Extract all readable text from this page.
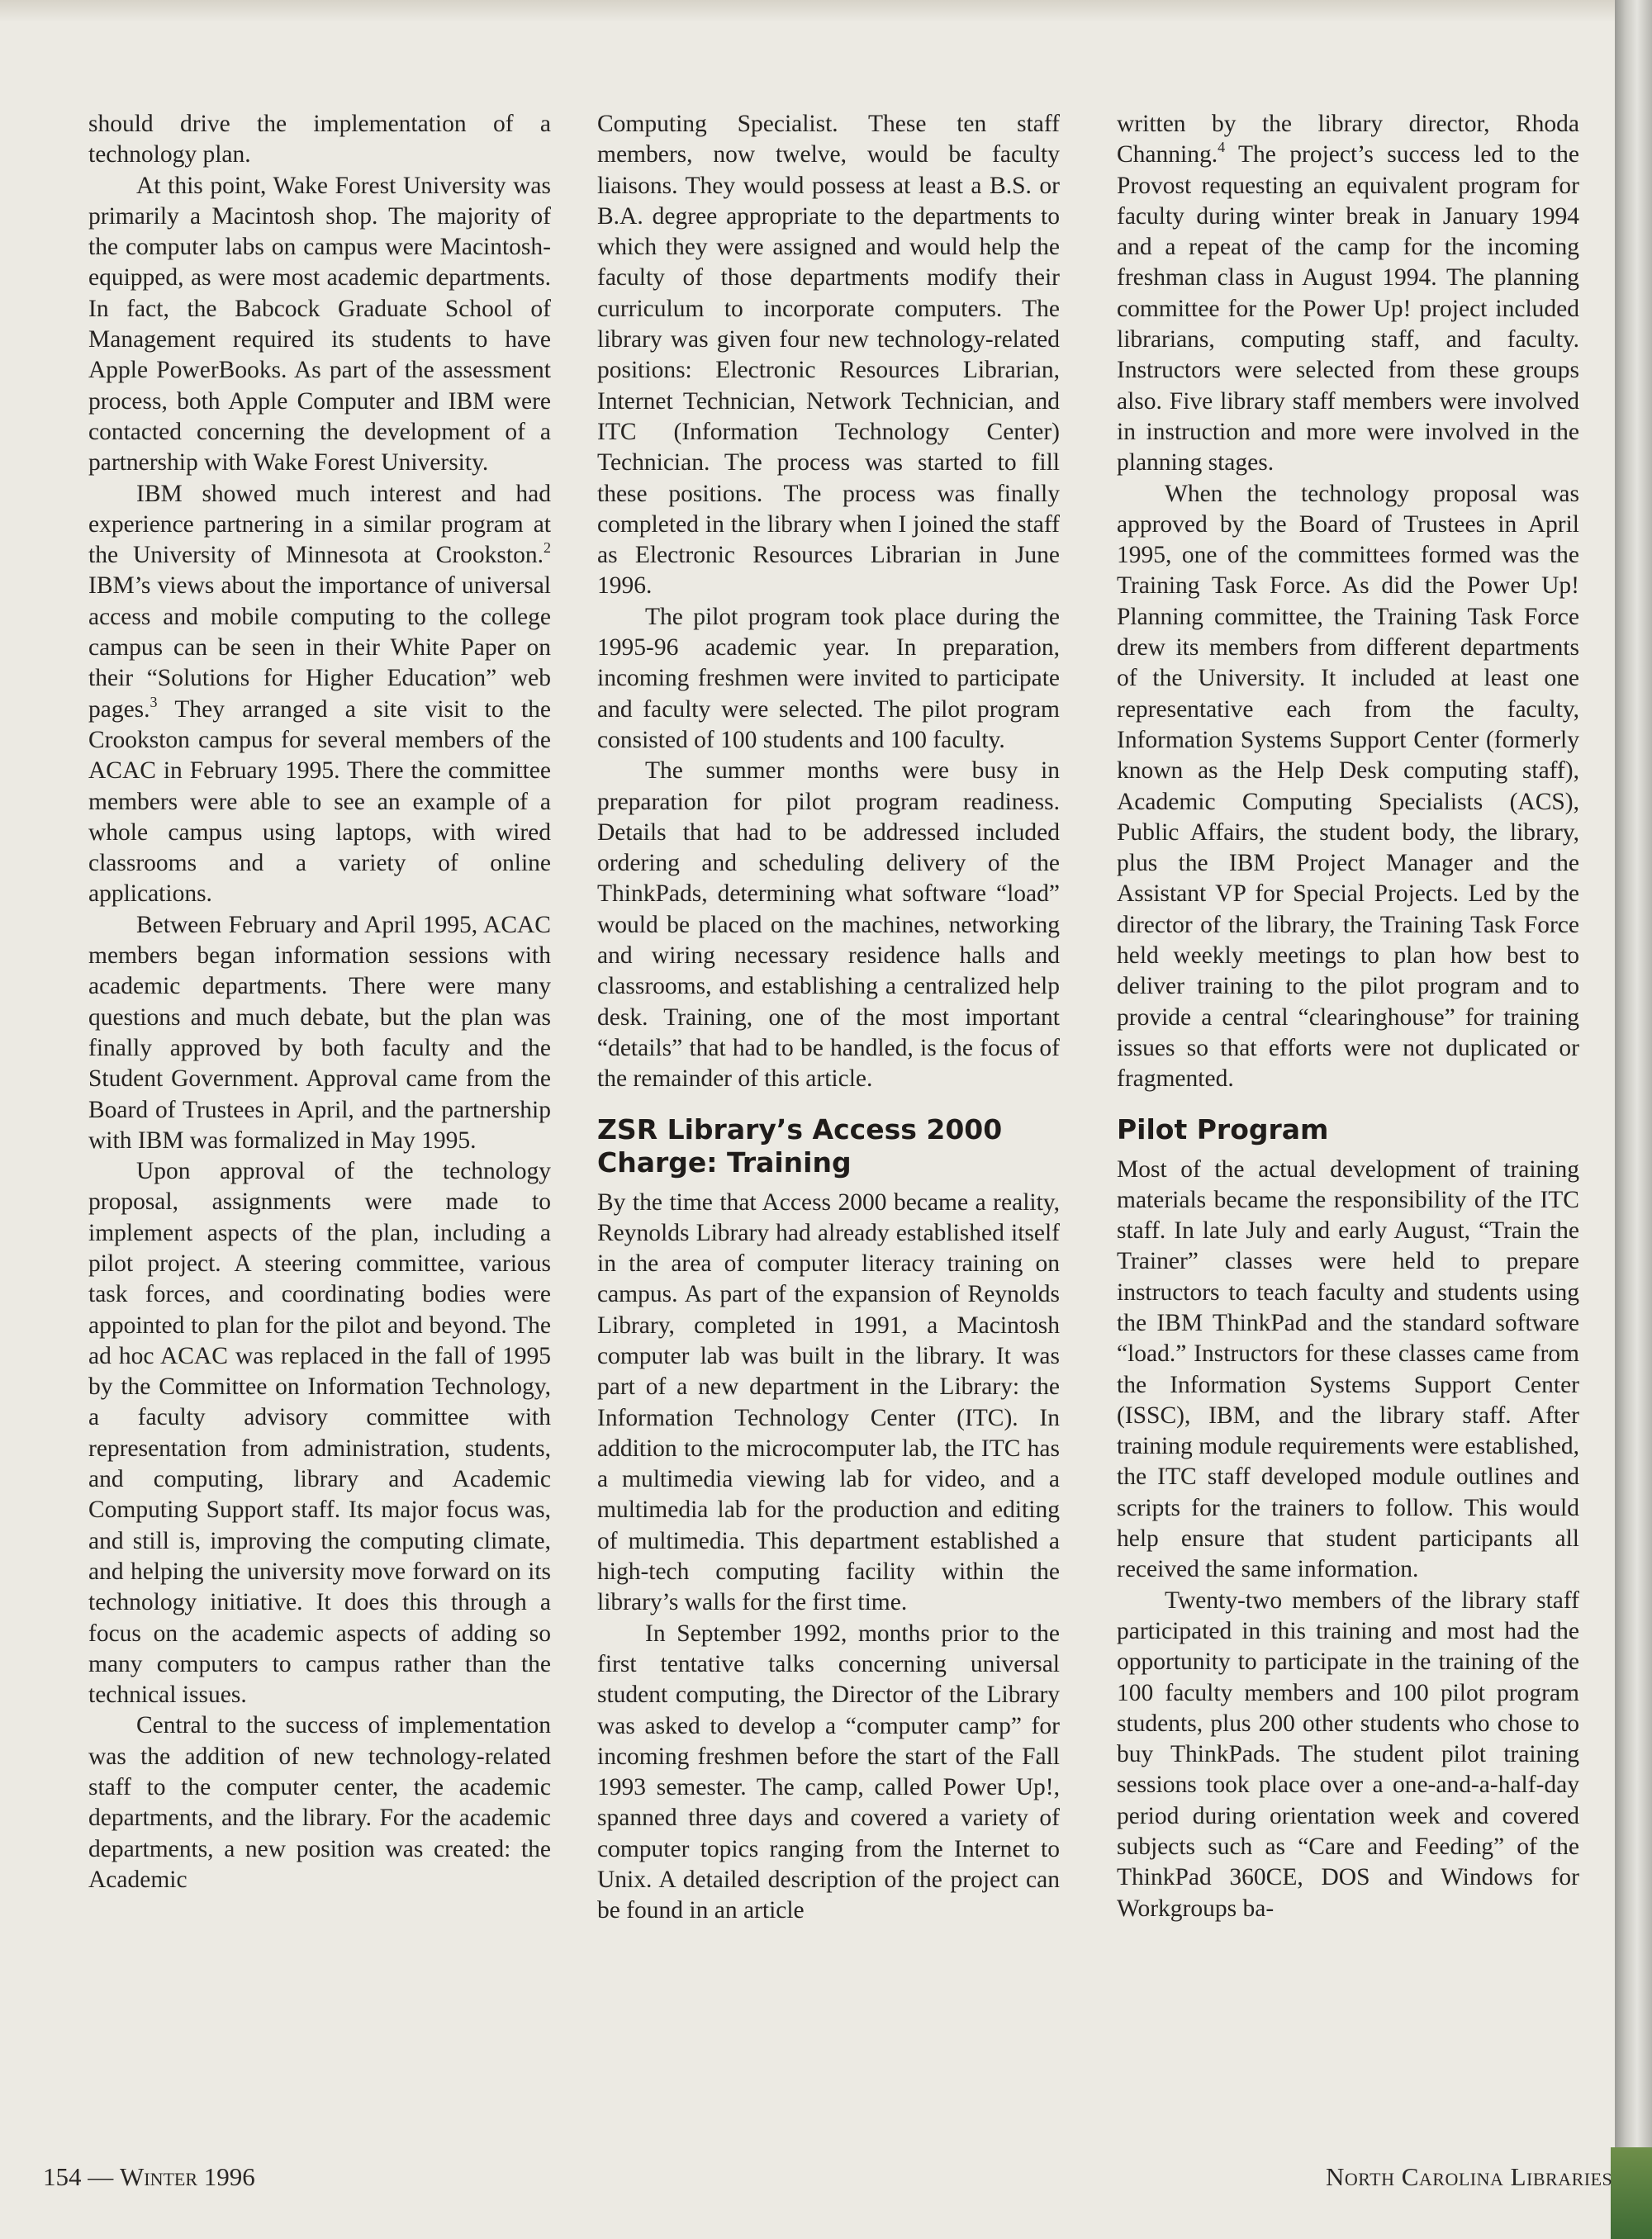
should drive the implementation of a technology plan.

At this point, Wake Forest University was primarily a Macintosh shop. The majority of the computer labs on campus were Macintosh-equipped, as were most academic departments. In fact, the Babcock Graduate School of Management required its students to have Apple PowerBooks. As part of the assessment process, both Apple Computer and IBM were contacted concerning the development of a partnership with Wake Forest University.

IBM showed much interest and had experience partnering in a similar program at the University of Minnesota at Crookston.$^2$ IBM’s views about the importance of universal access and mobile computing to the college campus can be seen in their White Paper on their “Solutions for Higher Education” web pages.$^3$ They arranged a site visit to the Crookston campus for several members of the ACAC in February 1995. There the committee members were able to see an example of a whole campus using laptops, with wired classrooms and a variety of online applications.

Between February and April 1995, ACAC members began information sessions with academic departments. There were many questions and much debate, but the plan was finally approved by both faculty and the Student Government. Approval came from the Board of Trustees in April, and the partnership with IBM was formalized in May 1995.

Upon approval of the technology proposal, assignments were made to implement aspects of the plan, including a pilot project. A steering committee, various task forces, and coordinating bodies were appointed to plan for the pilot and beyond. The ad hoc ACAC was replaced in the fall of 1995 by the Committee on Information Technology, a faculty advisory committee with representation from administration, students, and computing, library and Academic Computing Support staff. Its major focus was, and still is, improving the computing climate, and helping the university move forward on its technology initiative. It does this through a focus on the academic aspects of adding so many computers to campus rather than the technical issues.

Central to the success of implementation was the addition of new technology-related staff to the computer center, the academic departments, and the library. For the academic departments, a new position was created: the Academic

Computing Specialist. These ten staff members, now twelve, would be faculty liaisons. They would possess at least a B.S. or B.A. degree appropriate to the departments to which they were assigned and would help the faculty of those departments modify their curriculum to incorporate computers. The library was given four new technology-related positions: Electronic Resources Librarian, Internet Technician, Network Technician, and ITC (Information Technology Center) Technician. The process was started to fill these positions. The process was finally completed in the library when I joined the staff as Electronic Resources Librarian in June 1996.

The pilot program took place during the 1995-96 academic year. In preparation, incoming freshmen were invited to participate and faculty were selected. The pilot program consisted of 100 students and 100 faculty.

The summer months were busy in preparation for pilot program readiness. Details that had to be addressed included ordering and scheduling delivery of the ThinkPads, determining what software “load” would be placed on the machines, networking and wiring necessary residence halls and classrooms, and establishing a centralized help desk. Training, one of the most important “details” that had to be handled, is the focus of the remainder of this article.

ZSR Library’s Access 2000 Charge: Training

By the time that Access 2000 became a reality, Reynolds Library had already established itself in the area of computer literacy training on campus. As part of the expansion of Reynolds Library, completed in 1991, a Macintosh computer lab was built in the library. It was part of a new department in the Library: the Information Technology Center (ITC). In addition to the microcomputer lab, the ITC has a multimedia viewing lab for video, and a multimedia lab for the production and editing of multimedia. This department established a high-tech computing facility within the library’s walls for the first time.

In September 1992, months prior to the first tentative talks concerning universal student computing, the Director of the Library was asked to develop a “computer camp” for incoming freshmen before the start of the Fall 1993 semester. The camp, called Power Up!, spanned three days and covered a variety of computer topics ranging from the Internet to Unix. A detailed description of the project can be found in an article

written by the library director, Rhoda Channing.$^4$ The project’s success led to the Provost requesting an equivalent program for faculty during winter break in January 1994 and a repeat of the camp for the incoming freshman class in August 1994. The planning committee for the Power Up! project included librarians, computing staff, and faculty. Instructors were selected from these groups also. Five library staff members were involved in instruction and more were involved in the planning stages.

When the technology proposal was approved by the Board of Trustees in April 1995, one of the committees formed was the Training Task Force. As did the Power Up! Planning committee, the Training Task Force drew its members from different departments of the University. It included at least one representative each from the faculty, Information Systems Support Center (formerly known as the Help Desk computing staff), Academic Computing Specialists (ACS), Public Affairs, the student body, the library, plus the IBM Project Manager and the Assistant VP for Special Projects. Led by the director of the library, the Training Task Force held weekly meetings to plan how best to deliver training to the pilot program and to provide a central “clearinghouse” for training issues so that efforts were not duplicated or fragmented.

Pilot Program

Most of the actual development of training materials became the responsibility of the ITC staff. In late July and early August, “Train the Trainer” classes were held to prepare instructors to teach faculty and students using the IBM ThinkPad and the standard software “load.” Instructors for these classes came from the Information Systems Support Center (ISSC), IBM, and the library staff. After training module requirements were established, the ITC staff developed module outlines and scripts for the trainers to follow. This would help ensure that student participants all received the same information.

Twenty-two members of the library staff participated in this training and most had the opportunity to participate in the training of the 100 faculty members and 100 pilot program students, plus 200 other students who chose to buy ThinkPads. The student pilot training sessions took place over a one-and-a-half-day period during orientation week and covered subjects such as “Care and Feeding” of the ThinkPad 360CE, DOS and Windows for Workgroups ba-

154 — Winter 1996	North Carolina Libraries
